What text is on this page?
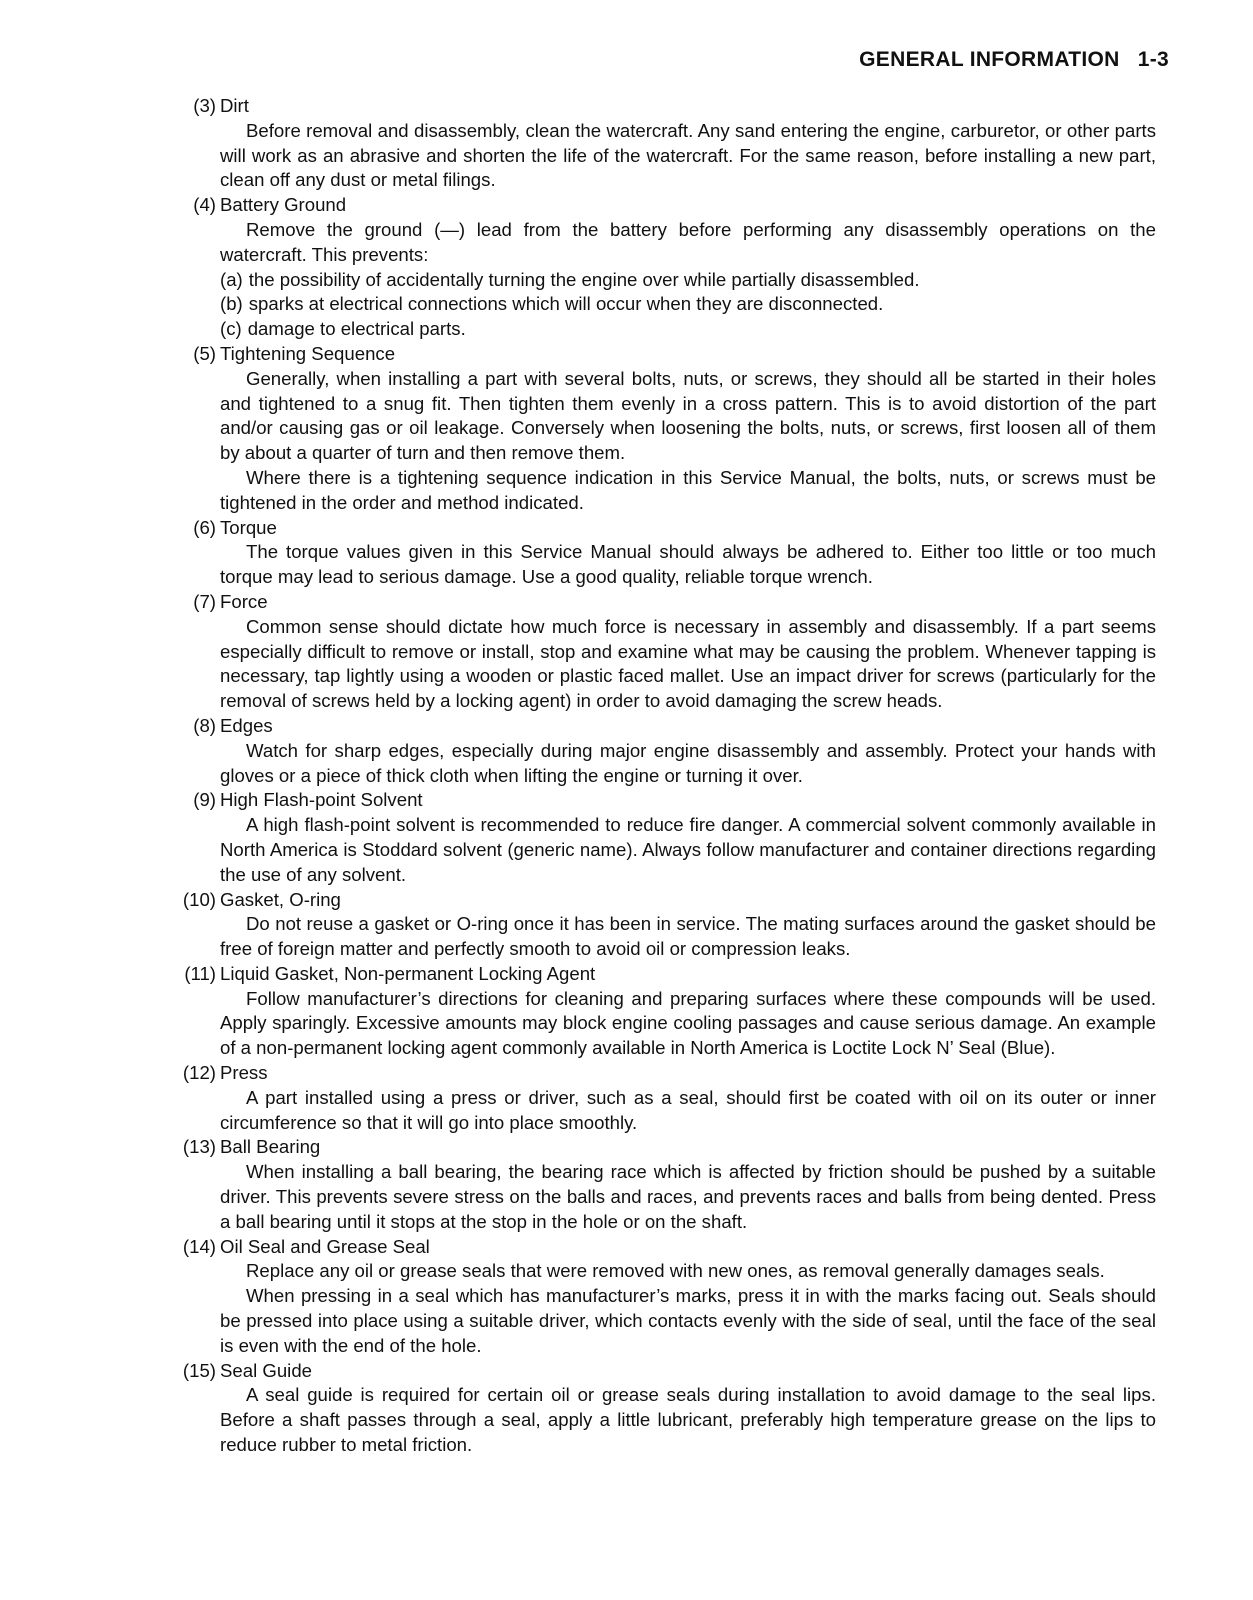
GENERAL INFORMATION 1-3
(3) Dirt

Before removal and disassembly, clean the watercraft. Any sand entering the engine, carburetor, or other parts will work as an abrasive and shorten the life of the watercraft. For the same reason, before installing a new part, clean off any dust or metal filings.

(4) Battery Ground

Remove the ground (—) lead from the battery before performing any disassembly operations on the watercraft. This prevents:

(a) the possibility of accidentally turning the engine over while partially disassembled.
(b) sparks at electrical connections which will occur when they are disconnected.
(c) damage to electrical parts.
(5) Tightening Sequence

Generally, when installing a part with several bolts, nuts, or screws, they should all be started in their holes and tightened to a snug fit. Then tighten them evenly in a cross pattern. This is to avoid distortion of the part and/or causing gas or oil leakage. Conversely when loosening the bolts, nuts, or screws, first loosen all of them by about a quarter of turn and then remove them.

Where there is a tightening sequence indication in this Service Manual, the bolts, nuts, or screws must be tightened in the order and method indicated.

(6) Torque

The torque values given in this Service Manual should always be adhered to. Either too little or too much torque may lead to serious damage. Use a good quality, reliable torque wrench.

(7) Force

Common sense should dictate how much force is necessary in assembly and disassembly. If a part seems especially difficult to remove or install, stop and examine what may be causing the problem. Whenever tapping is necessary, tap lightly using a wooden or plastic faced mallet. Use an impact driver for screws (particularly for the removal of screws held by a locking agent) in order to avoid damaging the screw heads.

(8) Edges

Watch for sharp edges, especially during major engine disassembly and assembly. Protect your hands with gloves or a piece of thick cloth when lifting the engine or turning it over.

(9) High Flash-point Solvent

A high flash-point solvent is recommended to reduce fire danger. A commercial solvent commonly available in North America is Stoddard solvent (generic name). Always follow manufacturer and container directions regarding the use of any solvent.

(10) Gasket, O-ring

Do not reuse a gasket or O-ring once it has been in service. The mating surfaces around the gasket should be free of foreign matter and perfectly smooth to avoid oil or compression leaks.

(11) Liquid Gasket, Non-permanent Locking Agent

Follow manufacturer’s directions for cleaning and preparing surfaces where these compounds will be used. Apply sparingly. Excessive amounts may block engine cooling passages and cause serious damage. An example of a non-permanent locking agent commonly available in North America is Loctite Lock N’ Seal (Blue).

(12) Press

A part installed using a press or driver, such as a seal, should first be coated with oil on its outer or inner circumference so that it will go into place smoothly.

(13) Ball Bearing

When installing a ball bearing, the bearing race which is affected by friction should be pushed by a suitable driver. This prevents severe stress on the balls and races, and prevents races and balls from being dented. Press a ball bearing until it stops at the stop in the hole or on the shaft.

(14) Oil Seal and Grease Seal

Replace any oil or grease seals that were removed with new ones, as removal generally damages seals.

When pressing in a seal which has manufacturer’s marks, press it in with the marks facing out. Seals should be pressed into place using a suitable driver, which contacts evenly with the side of seal, until the face of the seal is even with the end of the hole.

(15) Seal Guide

A seal guide is required for certain oil or grease seals during installation to avoid damage to the seal lips. Before a shaft passes through a seal, apply a little lubricant, preferably high temperature grease on the lips to reduce rubber to metal friction.
